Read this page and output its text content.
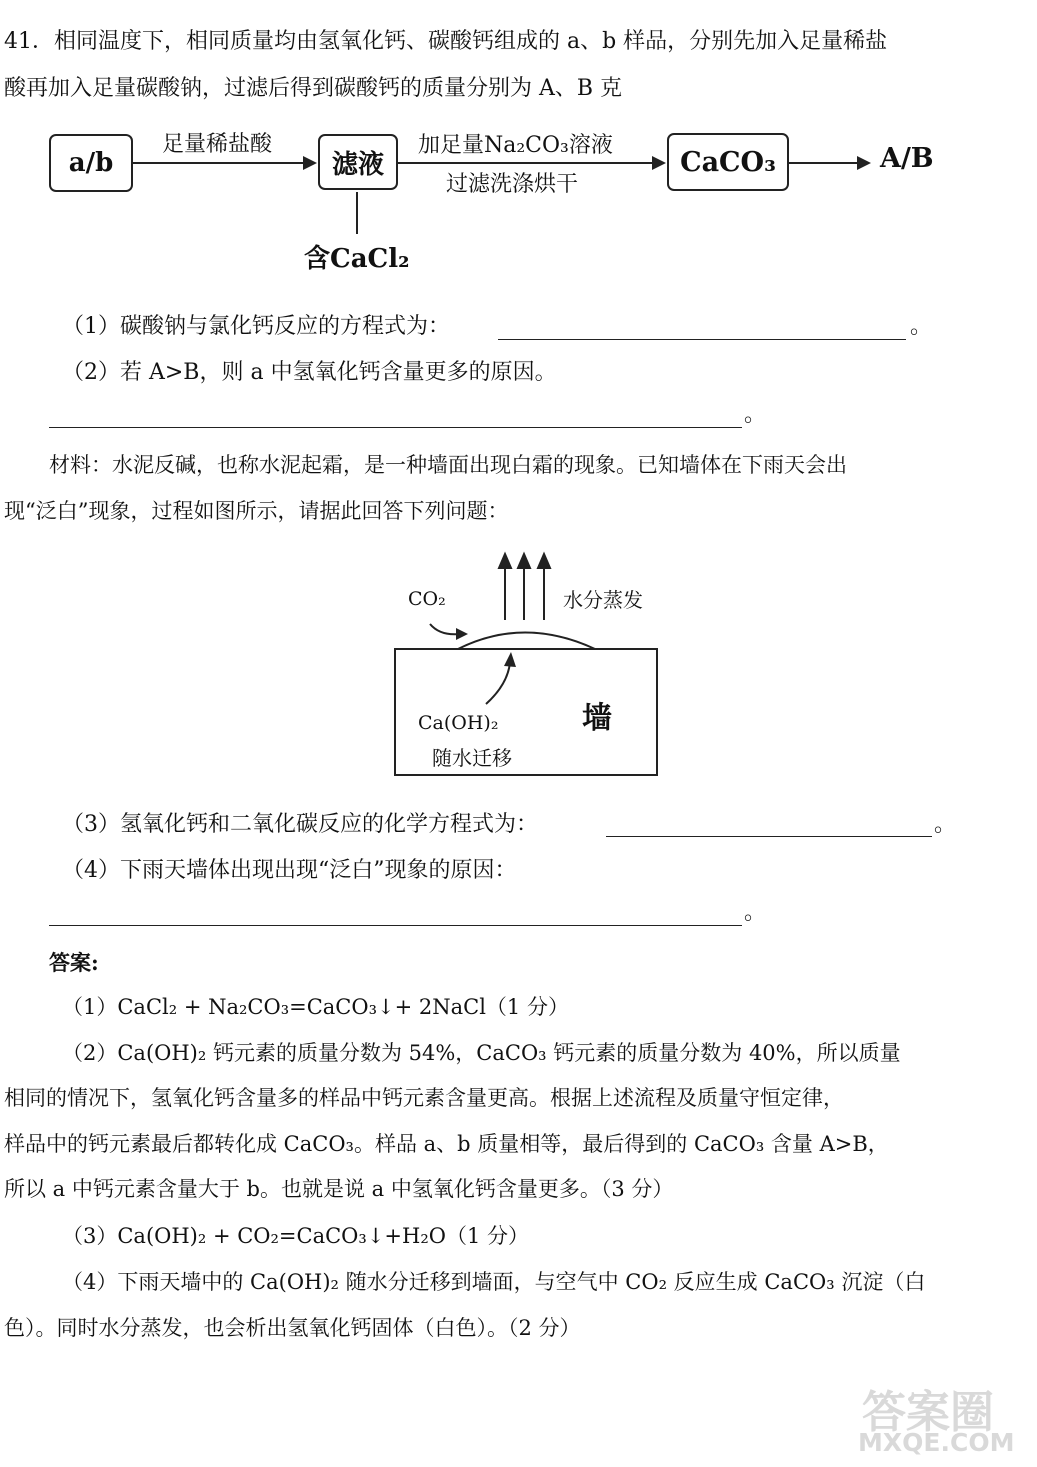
41．相同温度下，相同质量均由氢氧化钙、碳酸钙组成的 a、b 样品，分别先加入足量稀盐
酸再加入足量碳酸钠，过滤后得到碳酸钙的质量分别为 A、B 克
a/b
足量稀盐酸
滤液
含CaCl₂
加足量Na₂CO₃溶液
过滤洗涤烘干
CaCO₃	A/B
（1）碳酸钠与氯化钙反应的方程式为：	。
（2）若 A>B，则 a 中氢氧化钙含量更多的原因。
。
材料：水泥反碱，也称水泥起霜，是一种墙面出现白霜的现象。已知墙体在下雨天会出
现“泛白”现象，过程如图所示，请据此回答下列问题：
CO₂	水分蒸发
墙
Ca(OH)₂
随水迁移
（3）氢氧化钙和二氧化碳反应的化学方程式为：	。
（4）下雨天墙体出现出现“泛白”现象的原因：
。
答案:
（1）CaCl₂ + Na₂CO₃=CaCO₃↓+ 2NaCl（1 分）
（2）Ca(OH)₂ 钙元素的质量分数为 54%，CaCO₃ 钙元素的质量分数为 40%，所以质量
相同的情况下，氢氧化钙含量多的样品中钙元素含量更高。根据上述流程及质量守恒定律，
样品中的钙元素最后都转化成 CaCO₃。样品 a、b 质量相等，最后得到的 CaCO₃ 含量 A>B，
所以 a 中钙元素含量大于 b。也就是说 a 中氢氧化钙含量更多。（3 分）
（3）Ca(OH)₂ + CO₂=CaCO₃↓+H₂O（1 分）
（4）下雨天墙中的 Ca(OH)₂ 随水分迁移到墙面，与空气中 CO₂ 反应生成 CaCO₃ 沉淀（白
色）。同时水分蒸发，也会析出氢氧化钙固体（白色）。（2 分）
答案圈
MXQE.COM
